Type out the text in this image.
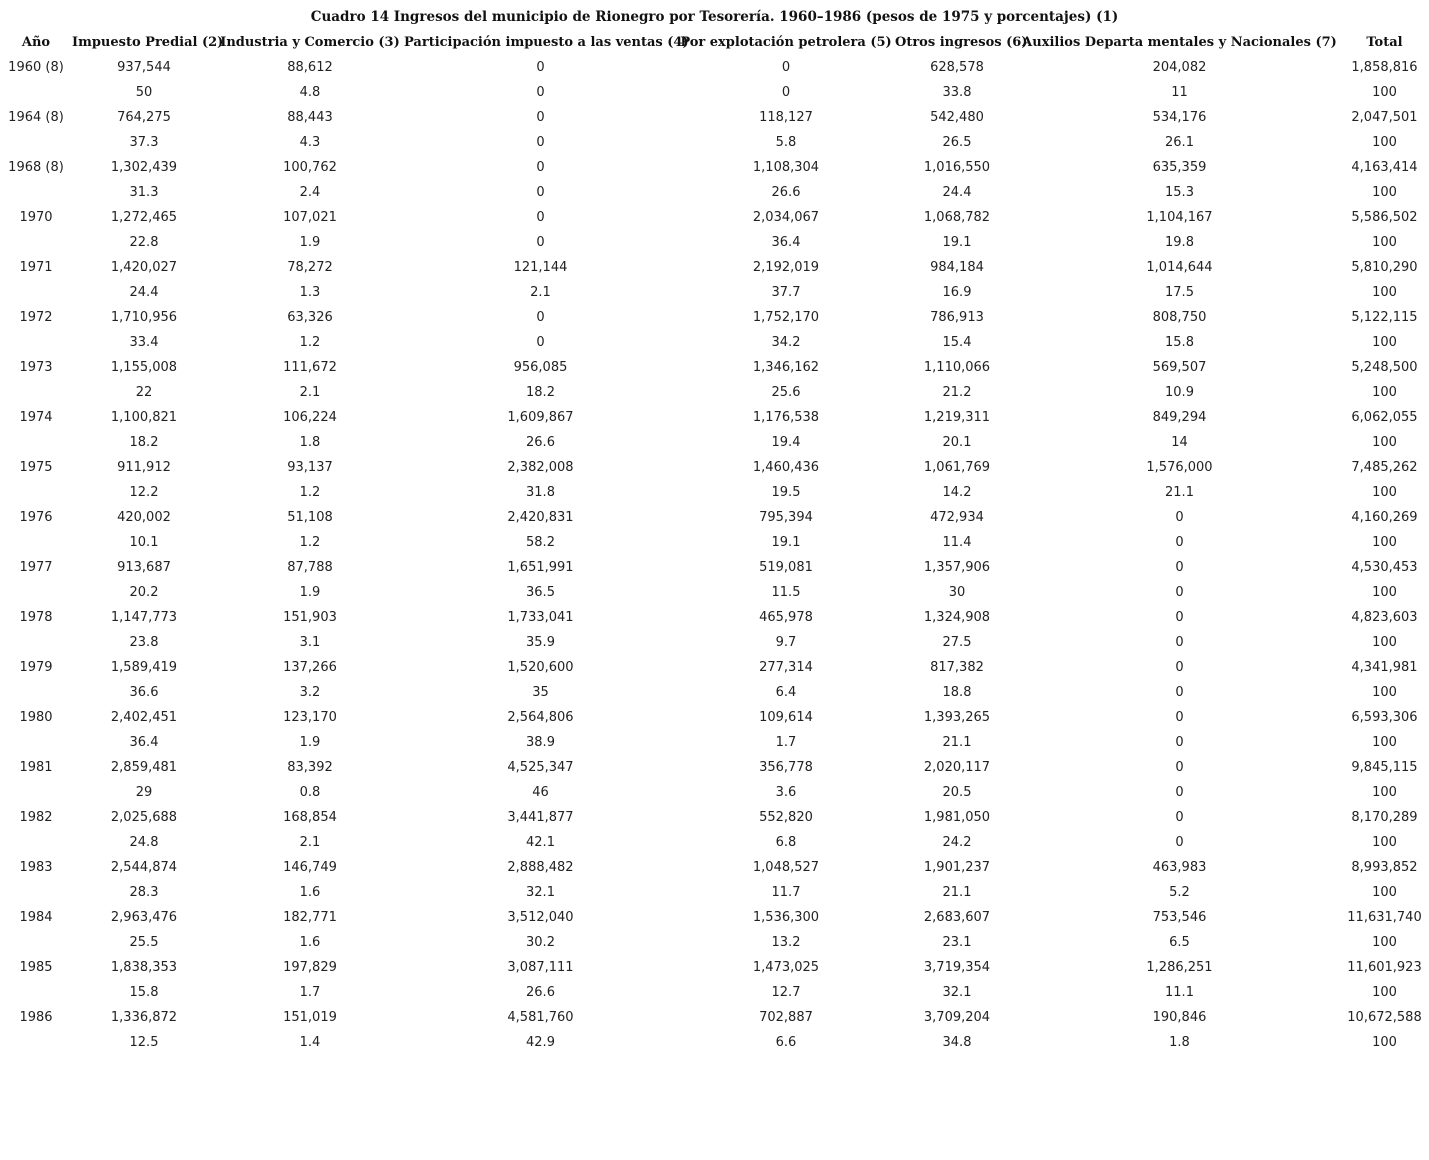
Cuadro 14 Ingresos del municipio de Rionegro por Tesorería. 1960–1986 (pesos de 1975 y porcentajes) (1)
Año	Impuesto Predial (2)	Industria y Comercio (3)	Participación impuesto a las ventas (4)	Por explotación petrolera (5)	Otros ingresos (6)	Auxilios Departa mentales y Nacionales (7)	Total
1960 (8)	937,544	88,612	0	0	628,578	204,082	1,858,816
	50	4.8	0	0	33.8	11	100
1964 (8)	764,275	88,443	0	118,127	542,480	534,176	2,047,501
	37.3	4.3	0	5.8	26.5	26.1	100
1968 (8)	1,302,439	100,762	0	1,108,304	1,016,550	635,359	4,163,414
	31.3	2.4	0	26.6	24.4	15.3	100
1970	1,272,465	107,021	0	2,034,067	1,068,782	1,104,167	5,586,502
	22.8	1.9	0	36.4	19.1	19.8	100
1971	1,420,027	78,272	121,144	2,192,019	984,184	1,014,644	5,810,290
	24.4	1.3	2.1	37.7	16.9	17.5	100
1972	1,710,956	63,326	0	1,752,170	786,913	808,750	5,122,115
	33.4	1.2	0	34.2	15.4	15.8	100
1973	1,155,008	111,672	956,085	1,346,162	1,110,066	569,507	5,248,500
	22	2.1	18.2	25.6	21.2	10.9	100
1974	1,100,821	106,224	1,609,867	1,176,538	1,219,311	849,294	6,062,055
	18.2	1.8	26.6	19.4	20.1	14	100
1975	911,912	93,137	2,382,008	1,460,436	1,061,769	1,576,000	7,485,262
	12.2	1.2	31.8	19.5	14.2	21.1	100
1976	420,002	51,108	2,420,831	795,394	472,934	0	4,160,269
	10.1	1.2	58.2	19.1	11.4	0	100
1977	913,687	87,788	1,651,991	519,081	1,357,906	0	4,530,453
	20.2	1.9	36.5	11.5	30	0	100
1978	1,147,773	151,903	1,733,041	465,978	1,324,908	0	4,823,603
	23.8	3.1	35.9	9.7	27.5	0	100
1979	1,589,419	137,266	1,520,600	277,314	817,382	0	4,341,981
	36.6	3.2	35	6.4	18.8	0	100
1980	2,402,451	123,170	2,564,806	109,614	1,393,265	0	6,593,306
	36.4	1.9	38.9	1.7	21.1	0	100
1981	2,859,481	83,392	4,525,347	356,778	2,020,117	0	9,845,115
	29	0.8	46	3.6	20.5	0	100
1982	2,025,688	168,854	3,441,877	552,820	1,981,050	0	8,170,289
	24.8	2.1	42.1	6.8	24.2	0	100
1983	2,544,874	146,749	2,888,482	1,048,527	1,901,237	463,983	8,993,852
	28.3	1.6	32.1	11.7	21.1	5.2	100
1984	2,963,476	182,771	3,512,040	1,536,300	2,683,607	753,546	11,631,740
	25.5	1.6	30.2	13.2	23.1	6.5	100
1985	1,838,353	197,829	3,087,111	1,473,025	3,719,354	1,286,251	11,601,923
	15.8	1.7	26.6	12.7	32.1	11.1	100
1986	1,336,872	151,019	4,581,760	702,887	3,709,204	190,846	10,672,588
	12.5	1.4	42.9	6.6	34.8	1.8	100
